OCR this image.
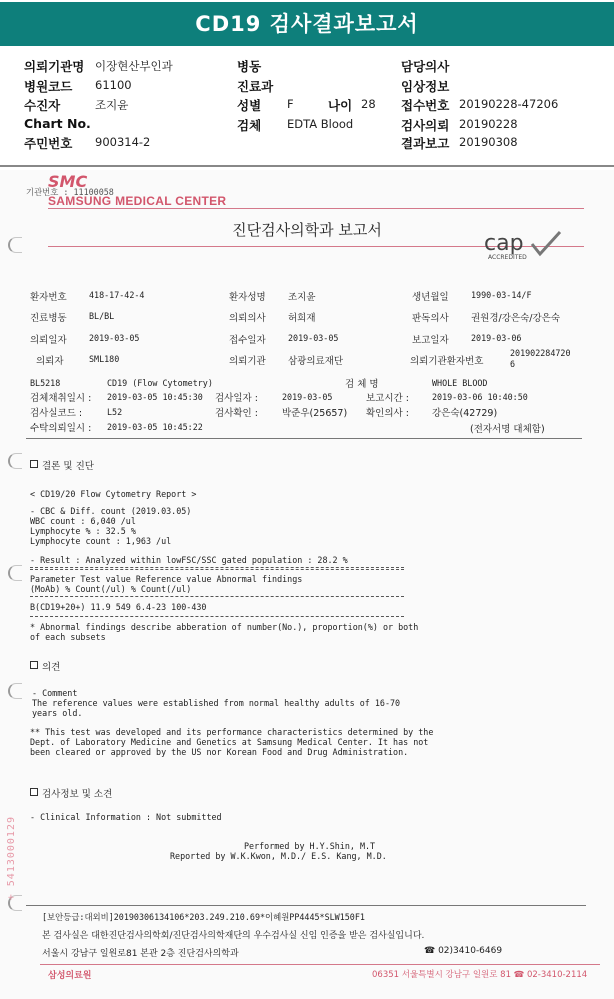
CD19 검사결과보고서
의뢰기관명 이장현산부인과
병원코드 61100
수진자	조지윤
Chart No.
주민번호 900314-2
병동
진료과
성별 F	나이 28
검체 EDTA Blood
담당의사
임상정보
접수번호 20190228-47206
검사의뢰 20190228
결과보고 20190308
기관번호 : 11100058
SMC
SAMSUNG MEDICAL CENTER
진단검사의학과 보고서
cap
ACCREDITED
환자번호	418-17-42-4	환자성명 조지윤	생년월일	1990-03-14/F
진료병동	BL/BL	의뢰의사 허희재	판독의사 권원경/강은숙/강은숙
의뢰일자	2019-03-05	접수일자	2019-03-05	보고일자	2019-03-06
의뢰자	SML180	의뢰기관 삼광의료재단	의뢰기관환자번호
201902284720
6
BL5218	CD19 (Flow Cytometry)	검 체 명	WHOLE BLOOD
검체채취일시 : 2019-03-05 10:45:30 검사일자 :	2019-03-05	보고시간 :	2019-03-06 10:40:50
검사실코드 :	L52	검사확인 :	박준우(25657) 확인의사 : 강은숙(42729)
수탁의뢰일시 : 2019-03-05 10:45:22	(전자서명 대체함)
결론 및 진단
< CD19/20 Flow Cytometry Report >
- CBC & Diff. count (2019.03.05)
WBC count : 6,040 /ul
Lymphocyte % : 32.5 %
Lymphocyte count : 1,963 /ul
- Result : Analyzed within lowFSC/SSC gated population : 28.2 %
Parameter Test value Reference value Abnormal findings
(MoAb) % Count(/ul) % Count(/ul)
B(CD19+20+) 11.9 549 6.4-23 100-430
* Abnormal findings describe abberation of number(No.), proportion(%) or both
of each subsets
의견
- Comment
The reference values were established from normal healthy adults of 16-70
years old.
** This test was developed and its performance characteristics determined by the
Dept. of Laboratory Medicine and Genetics at Samsung Medical Center. It has not
been cleared or approved by the US nor Korean Food and Drug Administration.
검사정보 및 소견
- Clinical Information : Not submitted
Performed by H.Y.Shin, M.T
Reported by W.K.Kwon, M.D./ E.S. Kang, M.D.
+ 5413000129
[보안등급:대외비]20190306134106*203.249.210.69*이혜원PP4445*SLW150F1
본 검사실은 대한진단검사의학회/진단검사의학재단의 우수검사실 신임 인증을 받은 검사실입니다.
서울시 강남구 일원로81 본관 2층 진단검사의학과	☎ 02)3410-6469
삼성의료원	06351 서울특별시 강남구 일원로 81 ☎ 02-3410-2114
